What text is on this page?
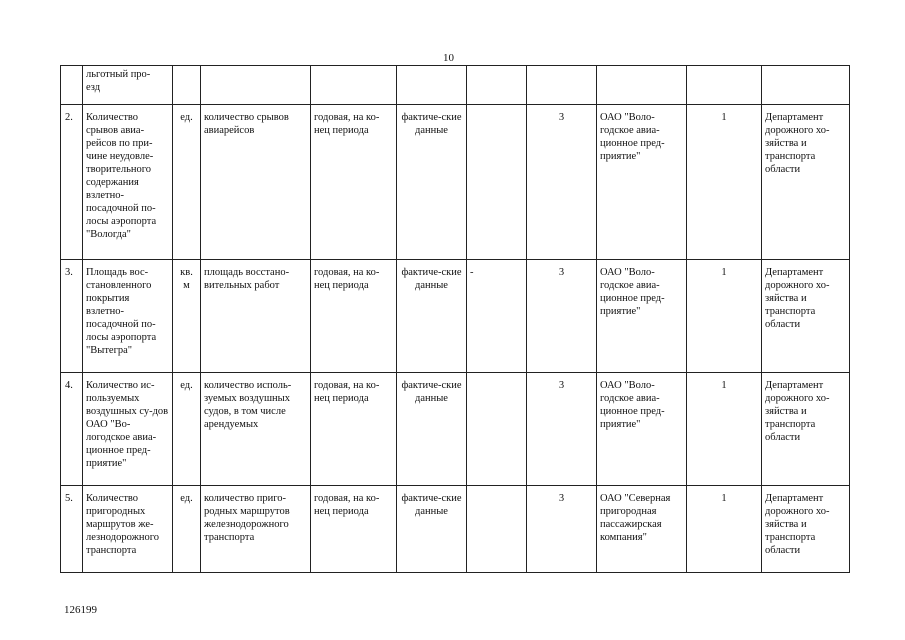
10
	льготный про-
езд									
2.	Количество срывов авиа-рейсов по при-чине неудовле-творительного содержания взлетно-посадочной по-лосы аэропорта "Вологда"	ед.	количество срывов авиарейсов	годовая, на ко-нец периода	фактиче-ские данные		3	ОАО "Воло-годское авиа-ционное пред-приятие"	1	Департамент дорожного хо-зяйства и транспорта области
3.	Площадь вос-становленного покрытия взлетно-посадочной по-лосы аэропорта "Вытегра"	кв. м	площадь восстано-вительных работ	годовая, на ко-нец периода	фактиче-ские данные	-	3	ОАО "Воло-годское авиа-ционное пред-приятие"	1	Департамент дорожного хо-зяйства и транспорта области
4.	Количество ис-пользуемых воздушных су-дов ОАО "Во-логодское авиа-ционное пред-приятие"	ед.	количество исполь-зуемых воздушных судов, в том числе арендуемых	годовая, на ко-нец периода	фактиче-ские данные		3	ОАО "Воло-годское авиа-ционное пред-приятие"	1	Департамент дорожного хо-зяйства и транспорта области
5.	Количество пригородных маршрутов же-лезнодорожного транспорта	ед.	количество приго-родных маршрутов железнодорожного транспорта	годовая, на ко-нец периода	фактиче-ские данные		3	ОАО "Северная пригородная пассажирская компания"	1	Департамент дорожного хо-зяйства и транспорта области
126199
